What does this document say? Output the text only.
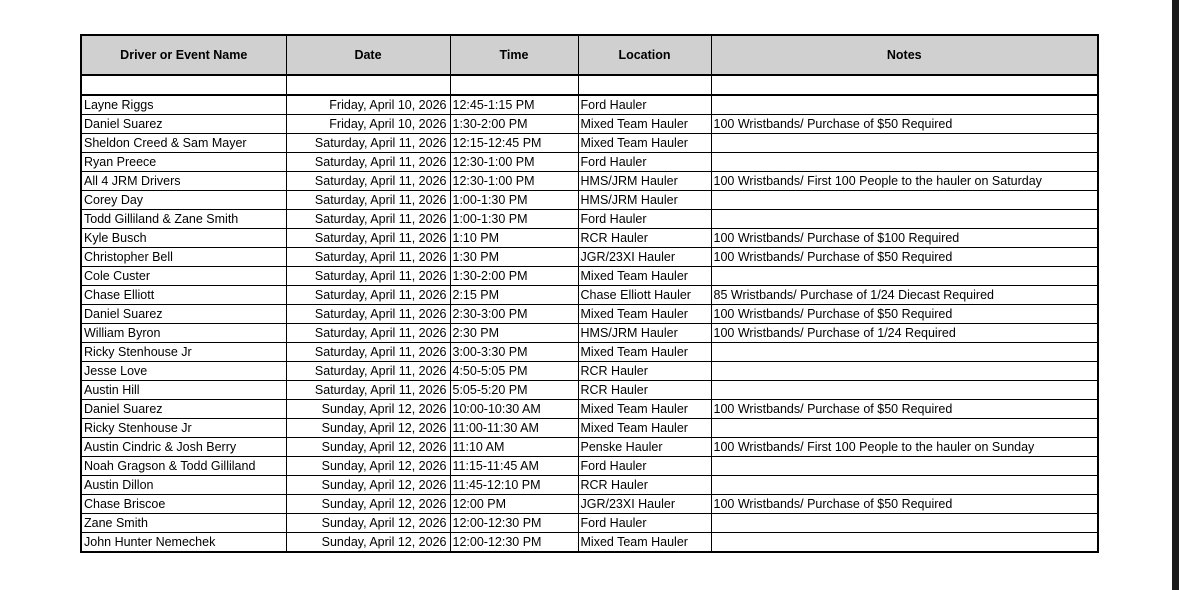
Driver or Event Name	Date	Time	Location	Notes

Layne Riggs	Friday, April 10, 2026	12:45-1:15 PM	Ford Hauler	
Daniel Suarez	Friday, April 10, 2026	1:30-2:00 PM	Mixed Team Hauler	100 Wristbands/ Purchase of $50 Required
Sheldon Creed & Sam Mayer	Saturday, April 11, 2026	12:15-12:45 PM	Mixed Team Hauler	
Ryan Preece	Saturday, April 11, 2026	12:30-1:00 PM	Ford Hauler	
All 4 JRM Drivers	Saturday, April 11, 2026	12:30-1:00 PM	HMS/JRM Hauler	100 Wristbands/ First 100 People to the hauler on Saturday
Corey Day	Saturday, April 11, 2026	1:00-1:30 PM	HMS/JRM Hauler	
Todd Gilliland & Zane Smith	Saturday, April 11, 2026	1:00-1:30 PM	Ford Hauler	
Kyle Busch	Saturday, April 11, 2026	1:10 PM	RCR Hauler	100 Wristbands/ Purchase of $100 Required
Christopher Bell	Saturday, April 11, 2026	1:30 PM	JGR/23XI Hauler	100 Wristbands/ Purchase of $50 Required
Cole Custer	Saturday, April 11, 2026	1:30-2:00 PM	Mixed Team Hauler	
Chase Elliott	Saturday, April 11, 2026	2:15 PM	Chase Elliott Hauler	85 Wristbands/ Purchase of 1/24 Diecast Required
Daniel Suarez	Saturday, April 11, 2026	2:30-3:00 PM	Mixed Team Hauler	100 Wristbands/ Purchase of $50 Required
William Byron	Saturday, April 11, 2026	2:30 PM	HMS/JRM Hauler	100 Wristbands/ Purchase of 1/24 Required
Ricky Stenhouse Jr	Saturday, April 11, 2026	3:00-3:30 PM	Mixed Team Hauler	
Jesse Love	Saturday, April 11, 2026	4:50-5:05 PM	RCR Hauler	
Austin Hill	Saturday, April 11, 2026	5:05-5:20 PM	RCR Hauler	
Daniel Suarez	Sunday, April 12, 2026	10:00-10:30 AM	Mixed Team Hauler	100 Wristbands/ Purchase of $50 Required
Ricky Stenhouse Jr	Sunday, April 12, 2026	11:00-11:30 AM	Mixed Team Hauler	
Austin Cindric & Josh Berry	Sunday, April 12, 2026	11:10 AM	Penske Hauler	100 Wristbands/ First 100 People to the hauler on Sunday
Noah Gragson & Todd Gilliland	Sunday, April 12, 2026	11:15-11:45 AM	Ford Hauler	
Austin Dillon	Sunday, April 12, 2026	11:45-12:10 PM	RCR Hauler	
Chase Briscoe	Sunday, April 12, 2026	12:00 PM	JGR/23XI Hauler	100 Wristbands/ Purchase of $50 Required
Zane Smith	Sunday, April 12, 2026	12:00-12:30 PM	Ford Hauler	
John Hunter Nemechek	Sunday, April 12, 2026	12:00-12:30 PM	Mixed Team Hauler	
